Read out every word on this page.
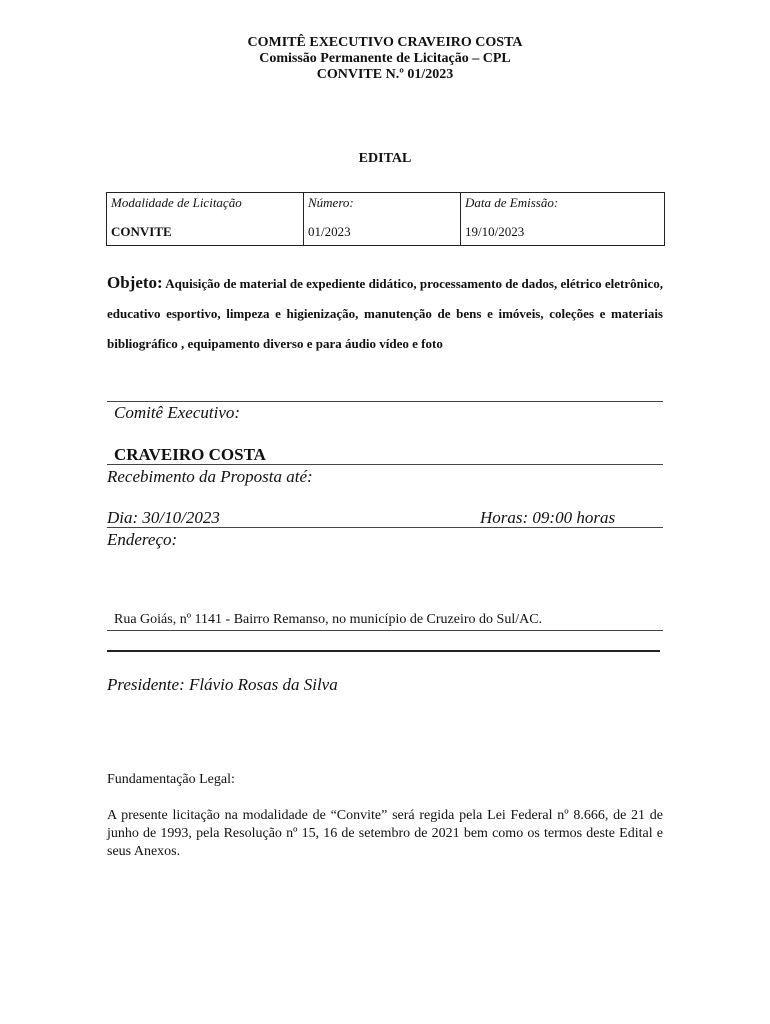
COMITÊ EXECUTIVO CRAVEIRO COSTA
Comissão Permanente de Licitação – CPL
CONVITE N.º 01/2023
EDITAL
Modalidade de Licitação
CONVITE

Número:
01/2023

Data de Emissão:
19/10/2023
Objeto: Aquisição de material de expediente didático, processamento de dados, elétrico eletrônico, educativo esportivo, limpeza e higienização, manutenção de bens e imóveis, coleções e materiais bibliográfico , equipamento diverso e para áudio vídeo e foto
Comitê Executivo:
CRAVEIRO COSTA
Recebimento da Proposta até:
Dia: 30/10/2023	Horas: 09:00 horas
Endereço:
Rua Goiás, nº 1141 - Bairro Remanso, no município de Cruzeiro do Sul/AC.
Presidente: Flávio Rosas da Silva
Fundamentação Legal:
A presente licitação na modalidade de “Convite” será regida pela Lei Federal nº 8.666, de 21 de junho de 1993, pela Resolução nº 15, 16 de setembro de 2021 bem como os termos deste Edital e seus Anexos.
